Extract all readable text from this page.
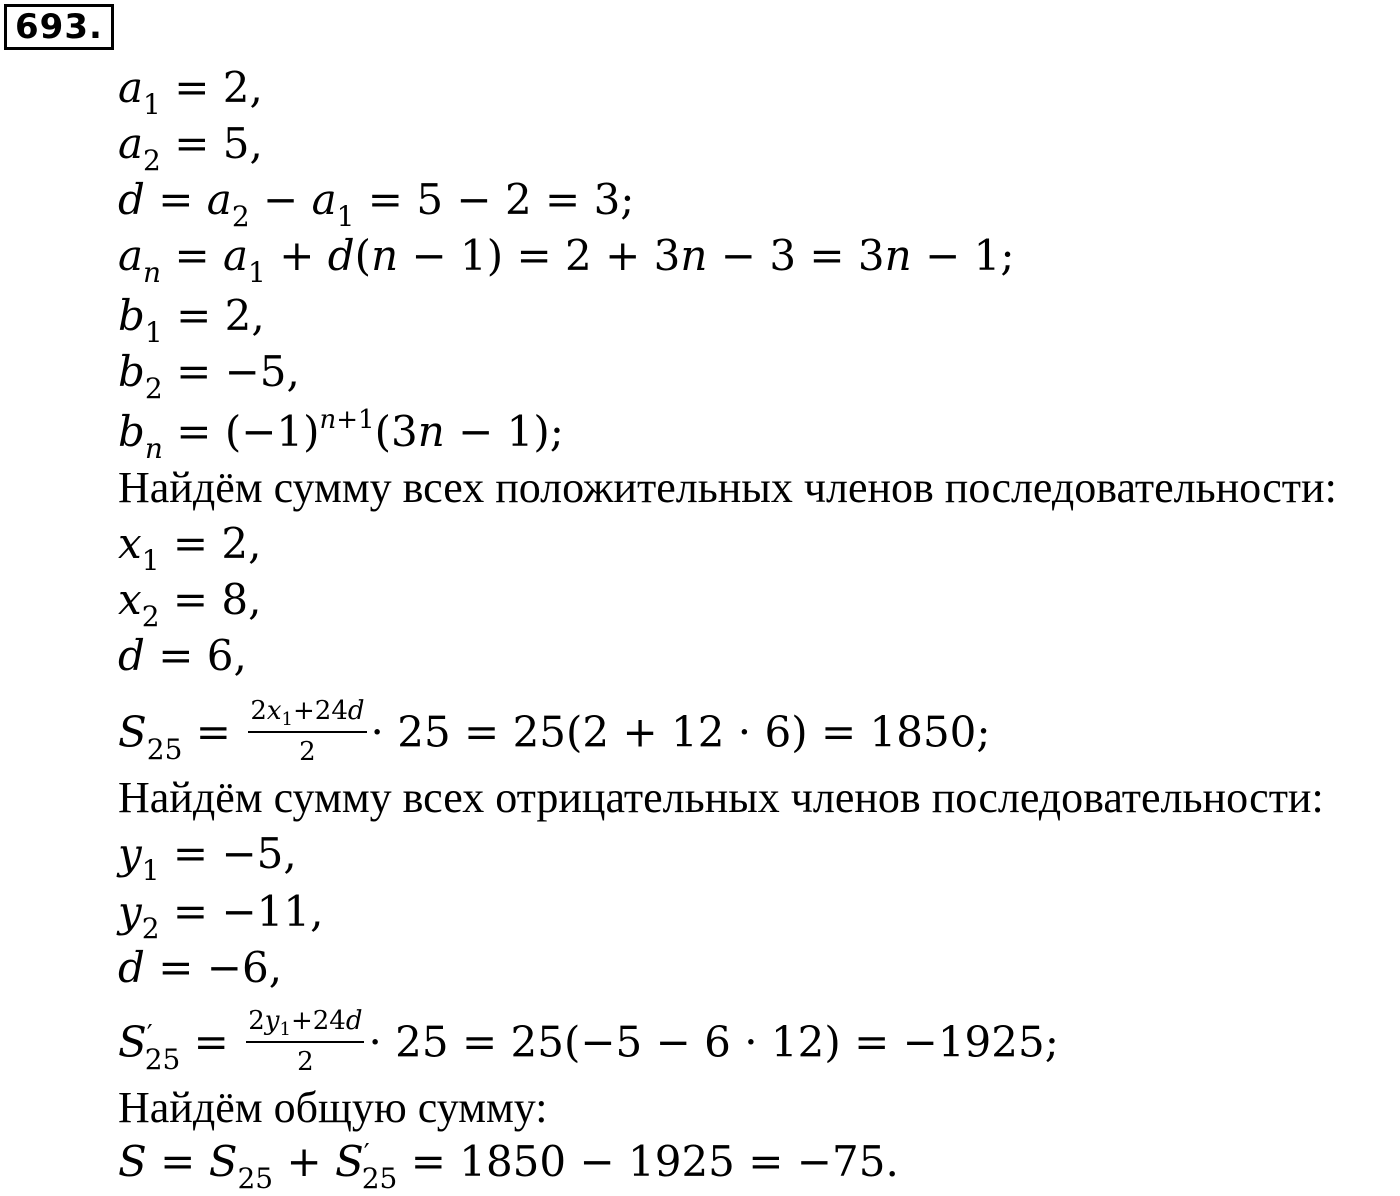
693.
$a_1 = 2$,
$a_2 = 5$,
$d = a_2 - a_1 = 5 - 2 = 3$;
$a_n = a_1 + d(n - 1) = 2 + 3n - 3 = 3n - 1$;
$b_1 = 2$,
$b_2 = -5$,
$b_n = (-1)^{n+1}(3n - 1)$;
Найдём сумму всех положительных членов последовательности:
$x_1 = 2$,
$x_2 = 8$,
d = 6,
$S_{25} = \frac{2x_1+24d}{2} \cdot 25 = 25(2 + 12 \cdot 6) = 1850$;
Найдём сумму всех отрицательных членов последовательности:
$y_1 = -5$,
$y_2 = -11$,
d = −6,
$S'_{25} = \frac{2y_1+24d}{2} \cdot 25 = 25(-5 - 6 \cdot 12) = -1925$;
Найдём общую сумму:
$S = S_{25} + S'_{25} = 1850 - 1925 = -75$.
